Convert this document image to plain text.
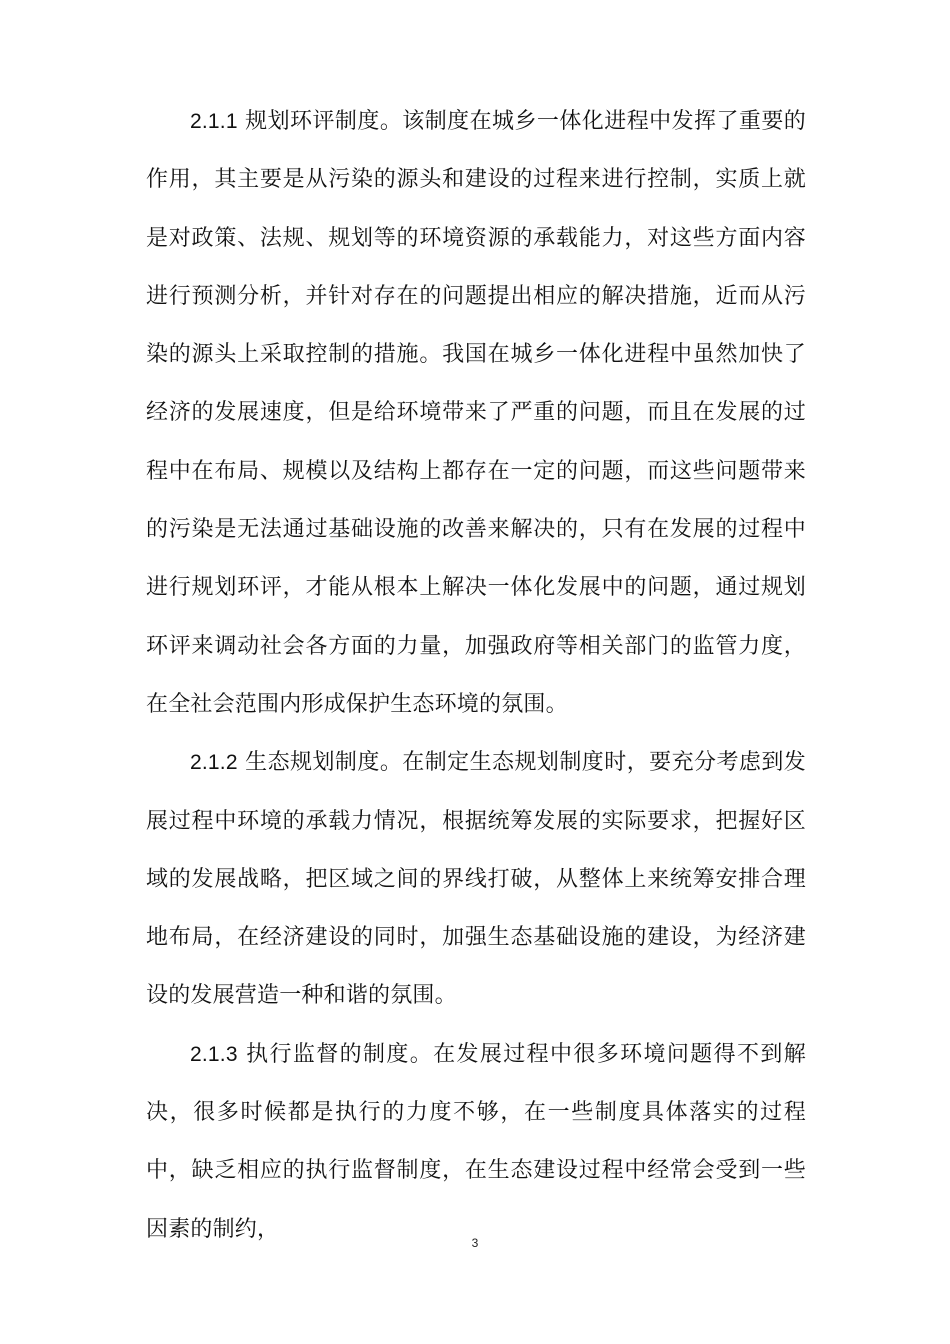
2.1.1 规划环评制度。该制度在城乡一体化进程中发挥了重要的作用，其主要是从污染的源头和建设的过程来进行控制，实质上就是对政策、法规、规划等的环境资源的承载能力，对这些方面内容进行预测分析，并针对存在的问题提出相应的解决措施，近而从污染的源头上采取控制的措施。我国在城乡一体化进程中虽然加快了经济的发展速度，但是给环境带来了严重的问题，而且在发展的过程中在布局、规模以及结构上都存在一定的问题，而这些问题带来的污染是无法通过基础设施的改善来解决的，只有在发展的过程中进行规划环评，才能从根本上解决一体化发展中的问题，通过规划环评来调动社会各方面的力量，加强政府等相关部门的监管力度，在全社会范围内形成保护生态环境的氛围。

2.1.2 生态规划制度。在制定生态规划制度时，要充分考虑到发展过程中环境的承载力情况，根据统筹发展的实际要求，把握好区域的发展战略，把区域之间的界线打破，从整体上来统筹安排合理地布局，在经济建设的同时，加强生态基础设施的建设，为经济建设的发展营造一种和谐的氛围。

2.1.3 执行监督的制度。在发展过程中很多环境问题得不到解决，很多时候都是执行的力度不够，在一些制度具体落实的过程中，缺乏相应的执行监督制度，在生态建设过程中经常会受到一些因素的制约，

3
